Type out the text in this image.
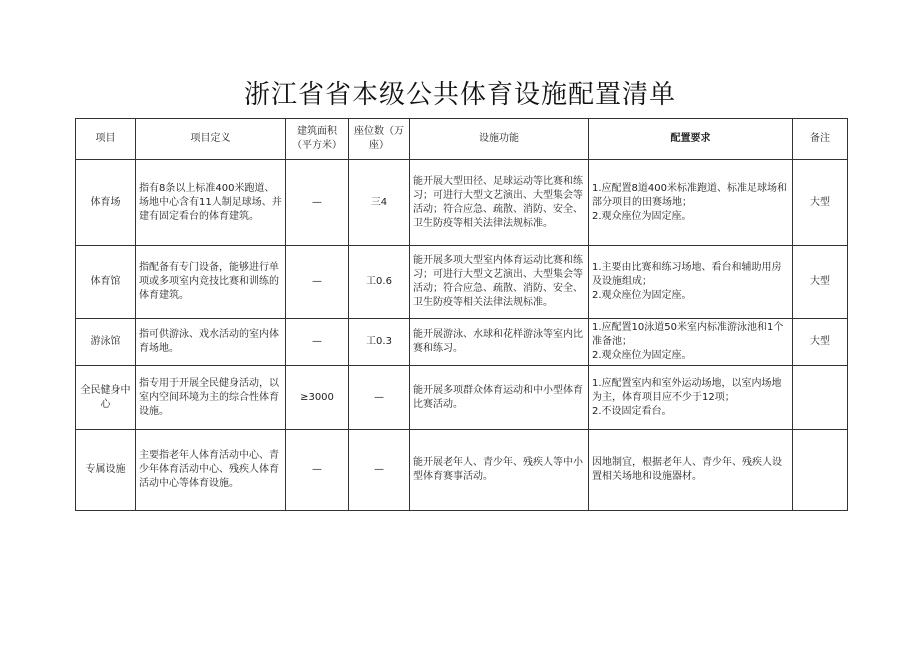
浙江省省本级公共体育设施配置清单
项目	项目定义	建筑面积（平方米）	座位数（万座）	设施功能	配置要求	备注
体育场	指有8条以上标准400米跑道、场地中心含有11人制足球场、并建有固定看台的体育建筑。	—	三4	能开展大型田径、足球运动等比赛和练习；可进行大型文艺演出、大型集会等活动；符合应急、疏散、消防、安全、卫生防疫等相关法律法规标准。	1.应配置8道400米标准跑道、标准足球场和部分项目的田赛场地；
2.观众座位为固定座。	大型
体育馆	指配备有专门设备，能够进行单项或多项室内竞技比赛和训练的体育建筑。	—	工0.6	能开展多项大型室内体育运动比赛和练习；可进行大型文艺演出、大型集会等活动；符合应急、疏散、消防、安全、卫生防疫等相关法律法规标准。	1.主要由比赛和练习场地、看台和辅助用房及设施组成；
2.观众座位为固定座。	大型
游泳馆	指可供游泳、戏水活动的室内体育场地。	—	工0.3	能开展游泳、水球和花样游泳等室内比赛和练习。	1.应配置10泳道50米室内标准游泳池和1个准备池；
2.观众座位为固定座。	大型
全民健身中心	指专用于开展全民健身活动，以室内空间环境为主的综合性体育设施。	≥3000	—	能开展多项群众体育运动和中小型体育比赛活动。	1.应配置室内和室外运动场地，以室内场地为主，体育项目应不少于12项；
2.不设固定看台。	
专属设施	主要指老年人体育活动中心、青少年体育活动中心、残疾人体育活动中心等体育设施。	—	—	能开展老年人、青少年、残疾人等中小型体育赛事活动。	因地制宜，根据老年人、青少年、残疾人设置相关场地和设施器材。	
